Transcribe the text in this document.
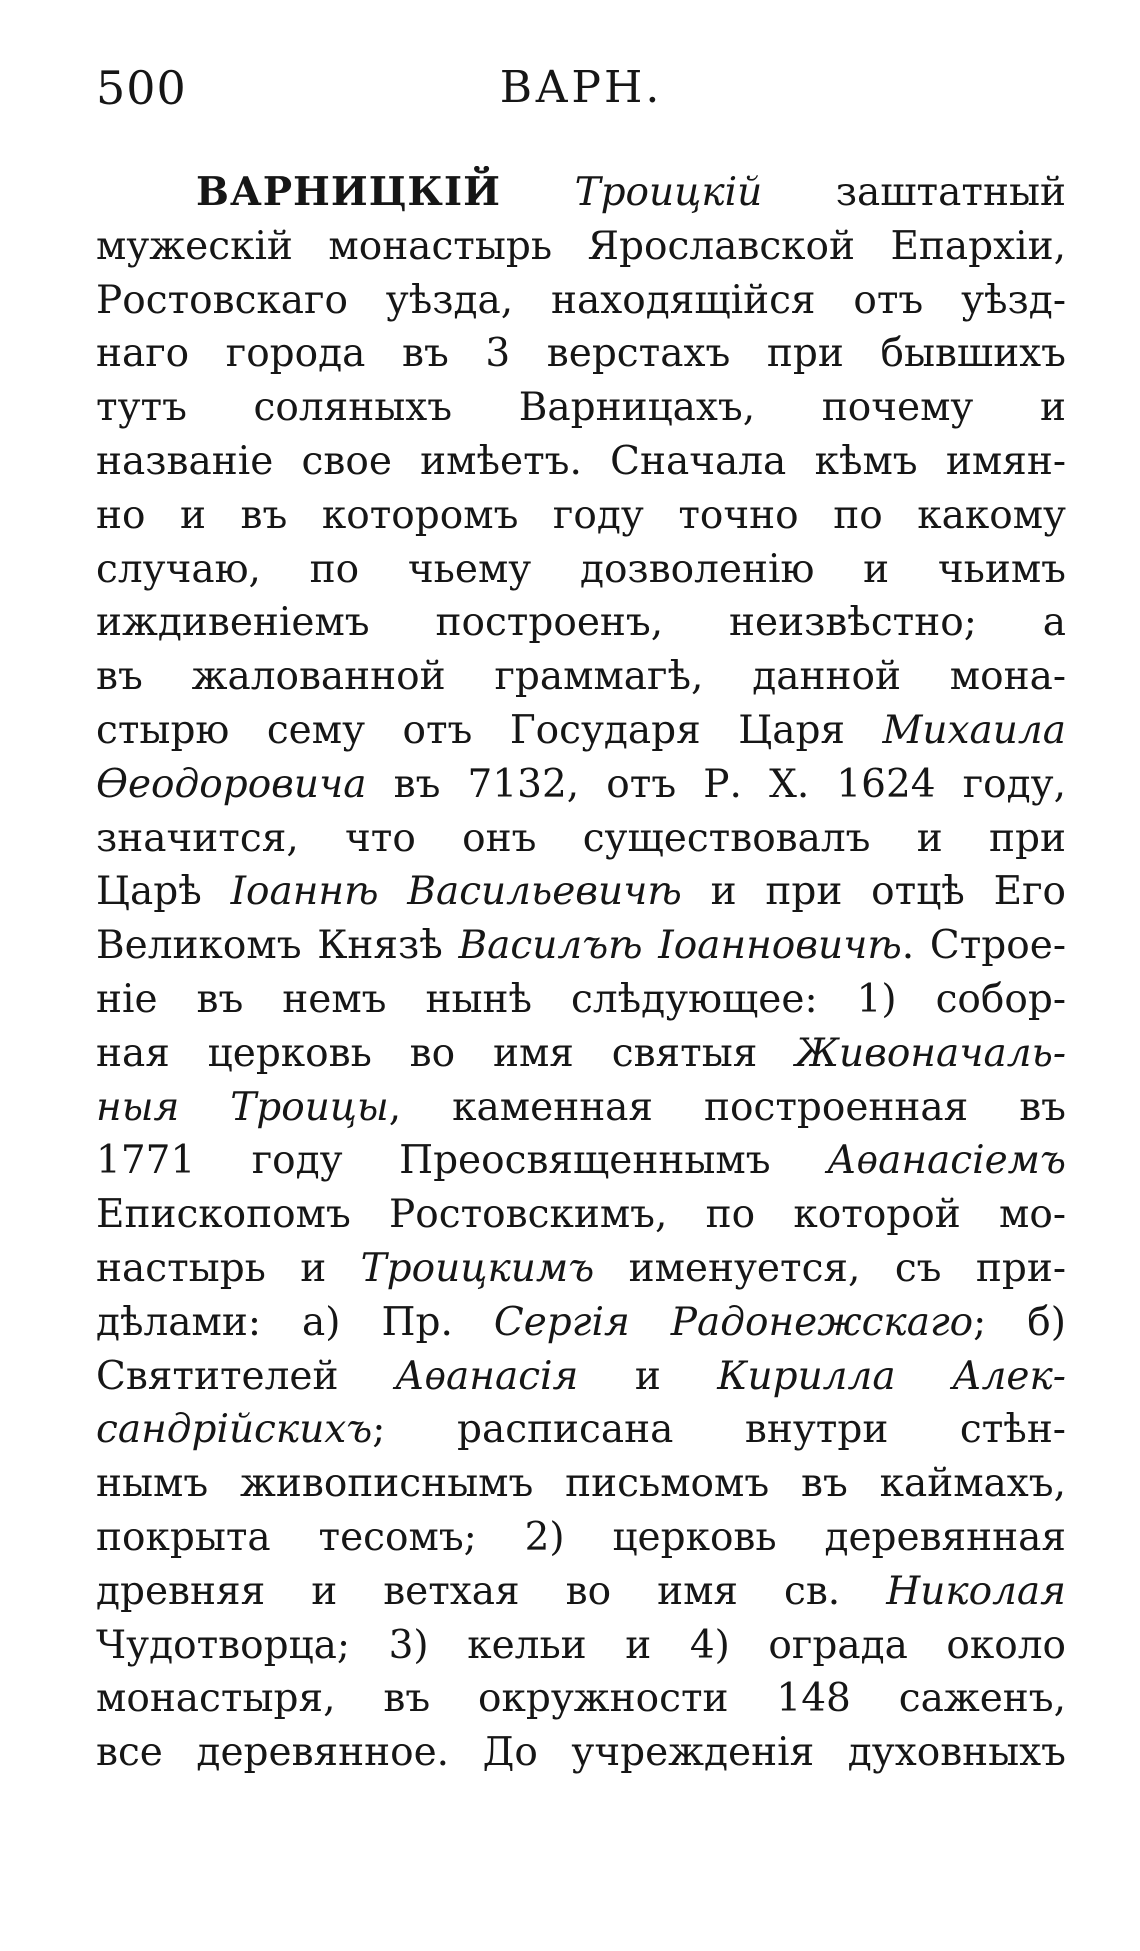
500	ВАРН.
ВАРНИЦКІЙ Троицкій заштатный
мужескій монастырь Ярославской Епархіи,
Ростовскаго уѣзда, находящійся отъ уѣзд-
наго города въ 3 верстахъ при бывшихъ
тутъ соляныхъ Варницахъ, почему и
названіе свое имѣетъ. Сначала кѣмъ имян-
но и въ которомъ году точно по какому
случаю, по чьему дозволенію и чьимъ
иждивеніемъ построенъ, неизвѣстно; а
въ жалованной граммагѣ, данной мона-
стырю сему отъ Государя Царя Михаила
Ѳеодоровича въ 7132, отъ Р. Х. 1624 году,
значится, что онъ существовалъ и при
Царѣ Іоаннѣ Васильевичѣ и при отцѣ Его
Великомъ Князѣ Василъѣ Іоанновичѣ. Строе-
ніе въ немъ нынѣ слѣдующее: 1) собор-
ная церковь во имя святыя Живоначаль-
ныя Троицы, каменная построенная въ
1771 году Преосвященнымъ Аѳанасіемъ
Епископомъ Ростовскимъ, по которой мо-
настырь и Троицкимъ именуется, съ при-
дѣлами: а) Пр. Сергія Радонежскаго; б)
Святителей Аѳанасія и Кирилла Алек-
сандрійскихъ; расписана внутри стѣн-
нымъ живописнымъ письмомъ въ каймахъ,
покрыта тесомъ; 2) церковь деревянная
древняя и ветхая во имя св. Николая
Чудотворца; 3) кельи и 4) ограда около
монастыря, въ окружности 148 саженъ,
все деревянное. До учрежденія духовныхъ
